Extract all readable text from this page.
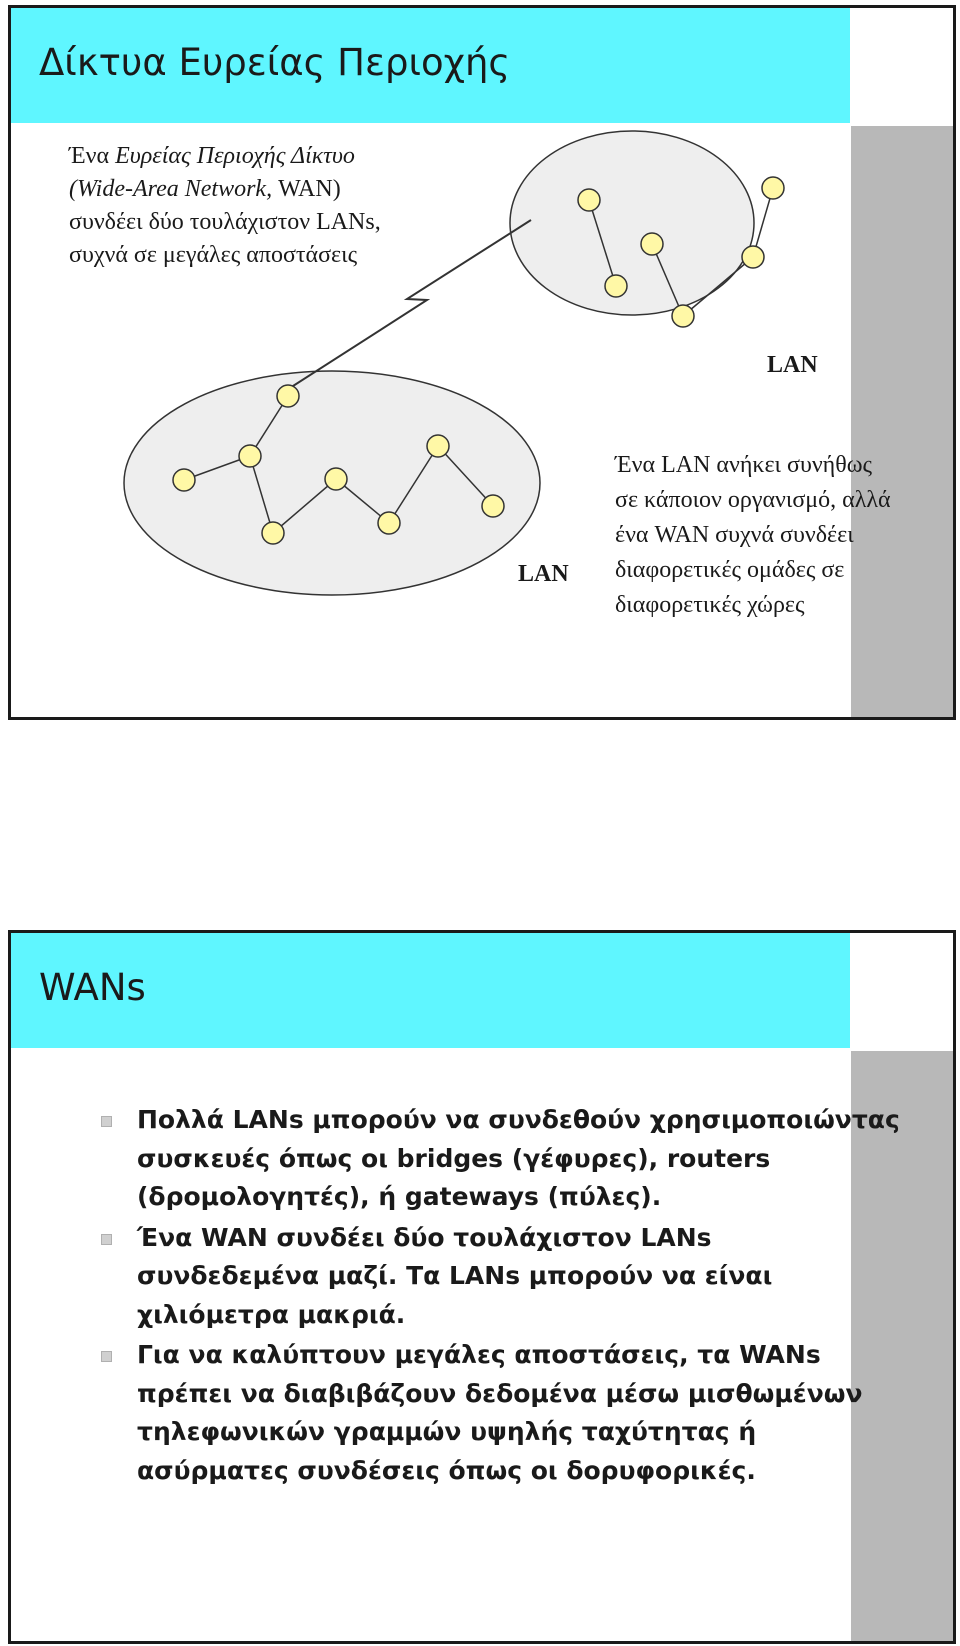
Δίκτυα Ευρείας Περιοχής
Ένα Ευρείας Περιοχής Δίκτυο
(Wide-Area Network, WAN)
συνδέει δύο τουλάχιστον LANs,
συχνά σε μεγάλες αποστάσεις
LAN
LAN
Ένα LAN ανήκει συνήθως
σε κάποιον οργανισμό, αλλά
ένα WAN συχνά συνδέει
διαφορετικές ομάδες σε
διαφορετικές χώρες
WANs
Πολλά LANs μπορούν να συνδεθούν χρησιμοποιώντας συσκευές όπως οι bridges (γέφυρες), routers (δρομολογητές), ή gateways (πύλες).
Ένα WAN συνδέει δύο τουλάχιστον LANs συνδεδεμένα μαζί. Τα LANs μπορούν να είναι χιλιόμετρα μακριά.
Για να καλύπτουν μεγάλες αποστάσεις, τα WANs πρέπει να διαβιβάζουν δεδομένα μέσω μισθωμένων τηλεφωνικών γραμμών υψηλής ταχύτητας ή ασύρματες συνδέσεις όπως οι δορυφορικές.
